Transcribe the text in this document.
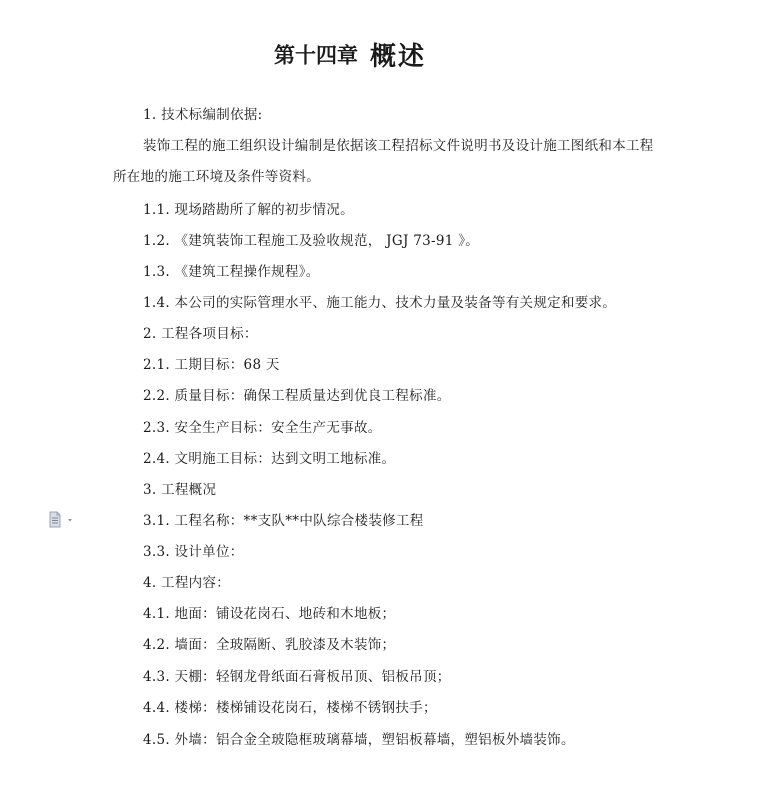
第十四章 概述
1. 技术标编制依据:
装饰工程的施工组织设计编制是依据该工程招标文件说明书及设计施工图纸和本工程
所在地的施工环境及条件等资料。
1.1. 现场踏勘所了解的初步情况。
1.2. 《建筑装饰工程施工及验收规范， JGJ 73-91 》。
1.3. 《建筑工程操作规程》。
1.4. 本公司的实际管理水平、施工能力、技术力量及装备等有关规定和要求。
2. 工程各项目标：
2.1. 工期目标：68 天
2.2. 质量目标：确保工程质量达到优良工程标准。
2.3. 安全生产目标：安全生产无事故。
2.4. 文明施工目标：达到文明工地标准。
3. 工程概况
3.1. 工程名称：**支队**中队综合楼装修工程
3.3. 设计单位：
4. 工程内容：
4.1. 地面：铺设花岗石、地砖和木地板；
4.2. 墙面：全玻隔断、乳胶漆及木装饰；
4.3. 天棚：轻钢龙骨纸面石膏板吊顶、铝板吊顶；
4.4. 楼梯：楼梯铺设花岗石，楼梯不锈钢扶手；
4.5. 外墙：铝合金全玻隐框玻璃幕墙，塑铝板幕墙，塑铝板外墙装饰。
